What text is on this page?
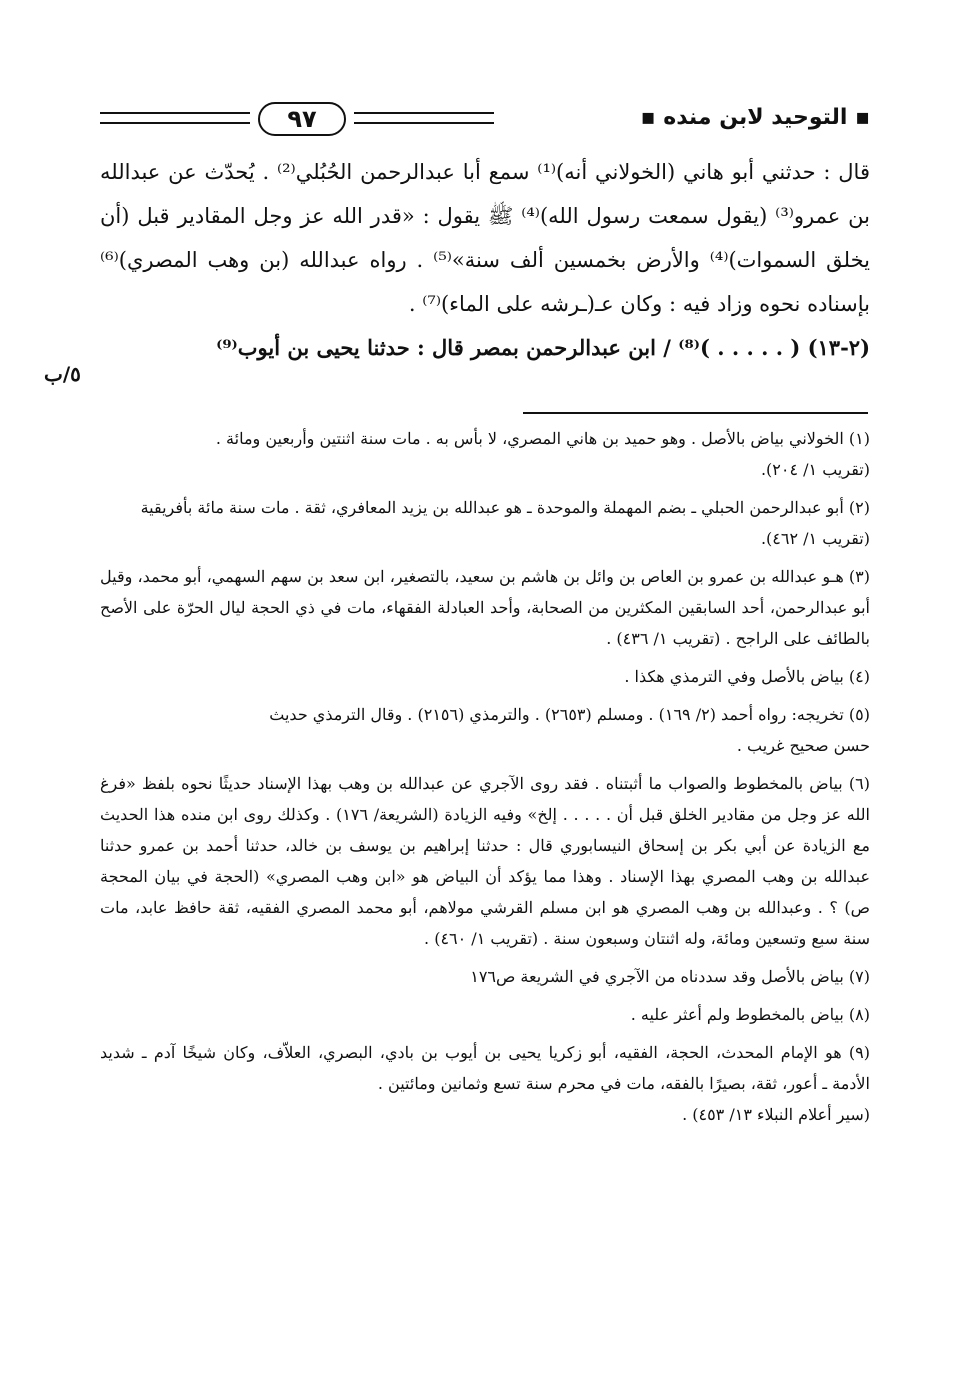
٩٧	▪ التوحيد لابن منده ▪

قال : حدثني أبو هاني (الخولاني أنه)⁽¹⁾ سمع أبا عبدالرحمن الحُبُلي⁽²⁾ . يُحدّث عن عبدالله بن عمرو⁽³⁾ (يقول سمعت رسول الله)⁽⁴⁾ ﷺ يقول : «قدر الله عز وجل المقادير قبل (أن يخلق السموات)⁽⁴⁾ والأرض بخمسين ألف سنة»⁽⁵⁾ . رواه عبدالله (بن وهب المصري)⁽⁶⁾ بإسناده نحوه وزاد فيه : وكان عـ(ـرشه على الماء)⁽⁷⁾ .

(٢-١٣) ( . . . . . )⁽⁸⁾ / ابن عبدالرحمن بمصر قال : حدثنا يحيى بن أيوب⁽⁹⁾

٥/ب
(١) الخولاني بياض بالأصل . وهو حميد بن هاني المصري، لا بأس به . مات سنة اثنتين وأربعين ومائة .
(تقريب ١/ ٢٠٤).
(٢) أبو عبدالرحمن الحبلي ـ بضم المهملة والموحدة ـ هو عبدالله بن يزيد المعافري، ثقة . مات سنة مائة بأفريقية
(تقريب ١/ ٤٦٢).
(٣) هـو عبدالله بن عمرو بن العاص بن وائل بن هاشم بن سعيد، بالتصغير، ابن سعد بن سهم السهمي، أبو محمد، وقيل أبو عبدالرحمن، أحد السابقين المكثرين من الصحابة، وأحد العبادلة الفقهاء، مات في ذي الحجة ليال الحرّة على الأصح بالطائف على الراجح . (تقريب ١/ ٤٣٦) .
(٤) بياض بالأصل وفي الترمذي هكذا .
(٥) تخريجه: رواه أحمد (٢/ ١٦٩) . ومسلم (٢٦٥٣) . والترمذي (٢١٥٦) . وقال الترمذي حديث
حسن صحيح غريب .
(٦) بياض بالمخطوط والصواب ما أثبتناه . فقد روى الآجري عن عبدالله بن وهب بهذا الإسناد حديثًا نحوه بلفظ «فرغ الله عز وجل من مقادير الخلق قبل أن . . . . . إلخ» وفيه الزيادة (الشريعة/ ١٧٦) . وكذلك روى ابن منده هذا الحديث مع الزيادة عن أبي بكر بن إسحاق النيسابوري قال : حدثنا إبراهيم بن يوسف بن خالد، حدثنا أحمد بن عمرو حدثنا عبدالله بن وهب المصري بهذا الإسناد . وهذا مما يؤكد أن البياض هو «ابن وهب المصري» (الحجة في بيان المحجة ص) ؟ . وعبدالله بن وهب المصري هو ابن مسلم القرشي مولاهم، أبو محمد المصري الفقيه، ثقة حافظ عابد، مات سنة سبع وتسعين ومائة، وله اثنتان وسبعون سنة . (تقريب ١/ ٤٦٠) .
(٧) بياض بالأصل وقد سددناه من الآجري في الشريعة ص١٧٦
(٨) بياض بالمخطوط ولم أعثر عليه .
(٩) هو الإمام المحدث، الحجة، الفقيه، أبو زكريا يحيى بن أيوب بن بادي، البصري، العلاّف، وكان شيخًا آدم ـ شديد الأدمة ـ أعور، ثقة، بصيرًا بالفقه، مات في محرم سنة تسع وثمانين ومائتين .
(سير أعلام النبلاء ١٣/ ٤٥٣) .
